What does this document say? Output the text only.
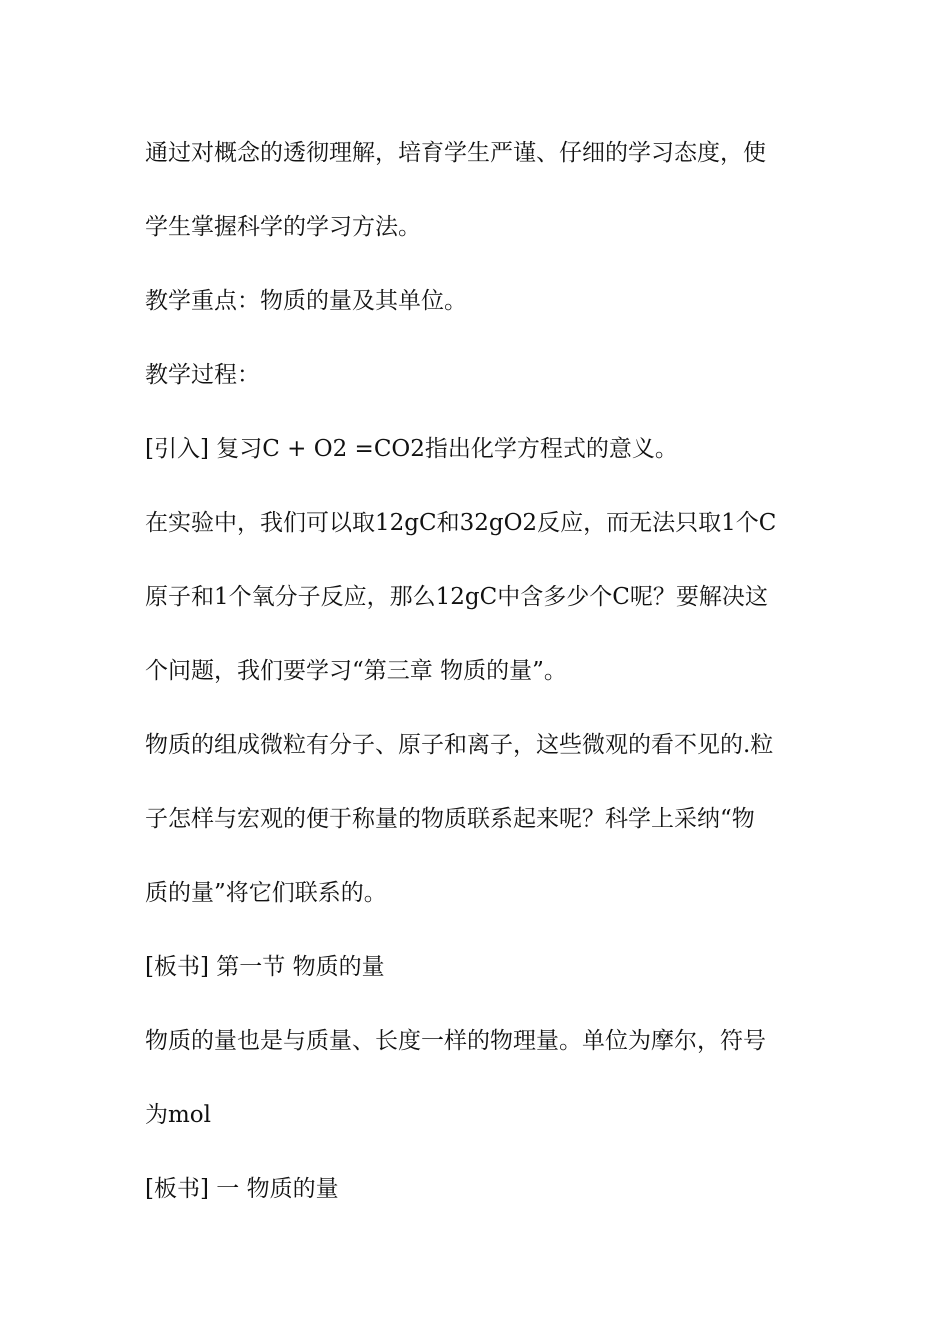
通过对概念的透彻理解，培育学生严谨、仔细的学习态度，使
学生掌握科学的学习方法。
教学重点：物质的量及其单位。
教学过程：
[引入] 复习C + O2 =CO2指出化学方程式的意义。
在实验中，我们可以取12gC和32gO2反应，而无法只取1个C
原子和1个氧分子反应，那么12gC中含多少个C呢？要解决这
个问题，我们要学习“第三章 物质的量”。
物质的组成微粒有分子、原子和离子，这些微观的看不见的.粒
子怎样与宏观的便于称量的物质联系起来呢？科学上采纳“物
质的量”将它们联系的。
[板书] 第一节 物质的量
物质的量也是与质量、长度一样的物理量。单位为摩尔，符号
为mol
[板书] 一 物质的量
